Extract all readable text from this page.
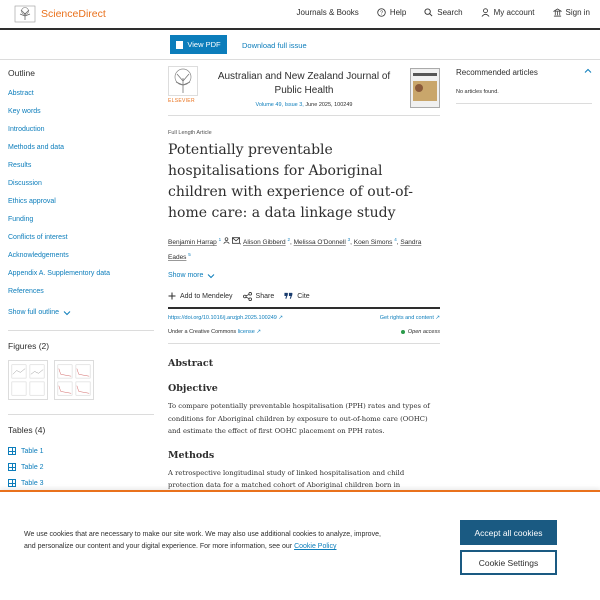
ScienceDirect	Journals & Books	? Help	Search	My account	Sign in
View PDF	Download full issue
Outline
Abstract
Key words
Introduction
Methods and data
Results
Discussion
Ethics approval
Funding
Conflicts of interest
Acknowledgements
Appendix A. Supplementory data
References
Show full outline
Figures (2)
Tables (4)
Table 1
Table 2
Table 3
ELSEVIER
Australian and New Zealand Journal of Public Health
Volume 49, Issue 3, June 2025, 100249
Full Length Article
Potentially preventable hospitalisations for Aboriginal children with experience of out-of-home care: a data linkage study
Benjamin Harrap $^1$	, Alison Gibberd $^2$, Melissa O'Donnell $^3$, Koen Simons $^4$, Sandra Eades $^5$
Show more
Add to Mendeley	Share	Cite
https://doi.org/10.1016/j.anzjph.2025.100249 ↗	Get rights and content ↗
Under a Creative Commons license ↗	Open access
Abstract
Objective

To compare potentially preventable hospitalisation (PPH) rates and types of conditions for Aboriginal children by exposure to out-of-home care (OOHC) and estimate the effect of first OOHC placement on PPH rates.

Methods

A retrospective longitudinal study of linked hospitalisation and child protection data for a matched cohort of Aboriginal children born in

Recommended articles
No articles found.

We use cookies that are necessary to make our site work. We may also use additional cookies to analyze, improve, and personalize our content and your digital experience. For more information, see our Cookie Policy

Accept all cookies
Cookie Settings
